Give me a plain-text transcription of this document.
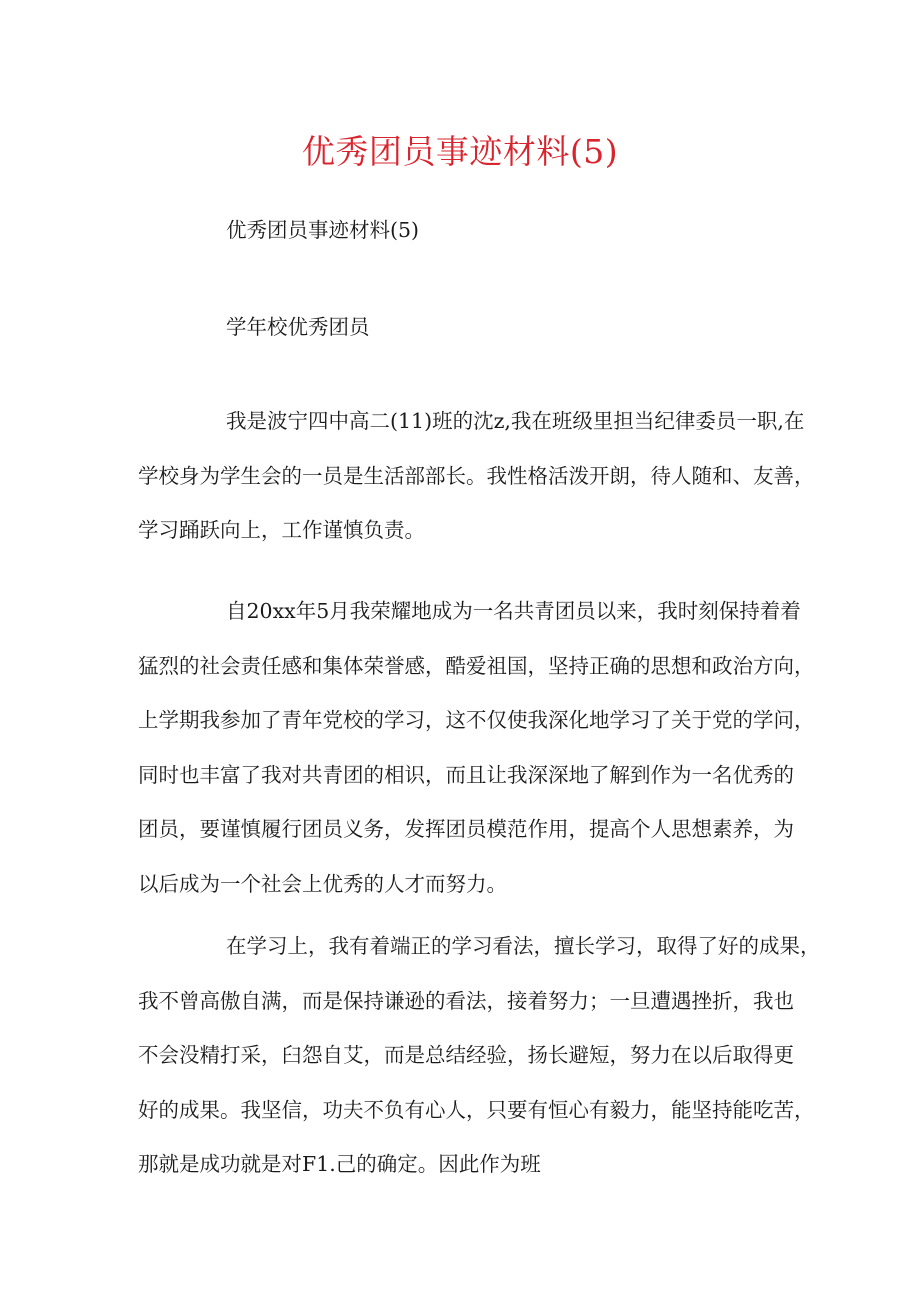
优秀团员事迹材料(5)
优秀团员事迹材料(5)
学年校优秀团员
我是波宁四中高二(11)班的沈z,我在班级里担当纪律委员一职,在
学校身为学生会的一员是生活部部长。我性格活泼开朗，待人随和、友善，
学习踊跃向上，工作谨慎负责。
自20xx年5月我荣耀地成为一名共青团员以来，我时刻保持着着
猛烈的社会责任感和集体荣誉感，酷爱祖国，坚持正确的思想和政治方向，
上学期我参加了青年党校的学习，这不仅使我深化地学习了关于党的学问，
同时也丰富了我对共青团的相识，而且让我深深地了解到作为一名优秀的
团员，要谨慎履行团员义务，发挥团员模范作用，提高个人思想素养，为
以后成为一个社会上优秀的人才而努力。
在学习上，我有着端正的学习看法，擅长学习，取得了好的成果，
我不曾高傲自满，而是保持谦逊的看法，接着努力；一旦遭遇挫折，我也
不会没精打采，臼怨自艾，而是总结经验，扬长避短，努力在以后取得更
好的成果。我坚信，功夫不负有心人，只要有恒心有毅力，能坚持能吃苦，
那就是成功就是对F1.己的确定。因此作为班
